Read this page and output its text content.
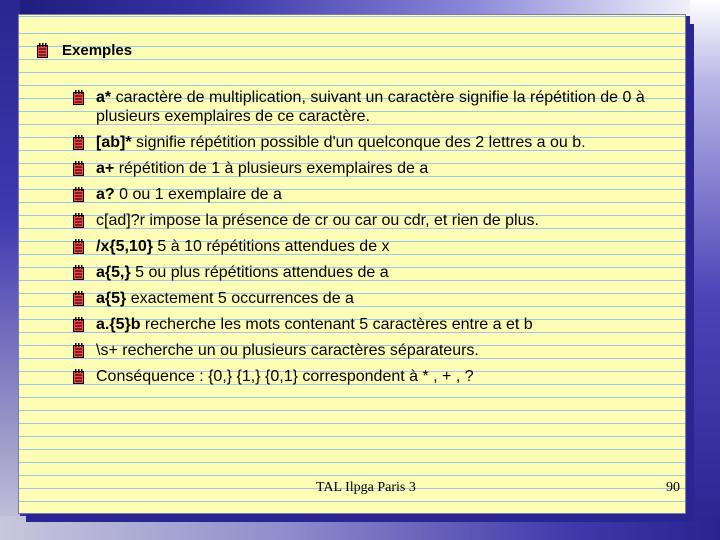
Exemples
a* caractère de multiplication, suivant un caractère signifie la répétition de 0 à plusieurs exemplaires de ce caractère.
[ab]* signifie répétition possible d'un quelconque des 2 lettres a ou b.
a+ répétition de 1 à plusieurs exemplaires de a
a? 0 ou 1 exemplaire de a
c[ad]?r impose la présence de cr ou car ou cdr, et rien de plus.
/x{5,10} 5 à 10 répétitions attendues de x
a{5,} 5 ou plus répétitions attendues de a
a{5} exactement 5 occurrences de a
a.{5}b recherche les mots contenant 5 caractères entre a et b
\s+ recherche un ou plusieurs caractères séparateurs.
Conséquence : {0,} {1,} {0,1} correspondent à * , + , ?
TAL Ilpga Paris 3	90
